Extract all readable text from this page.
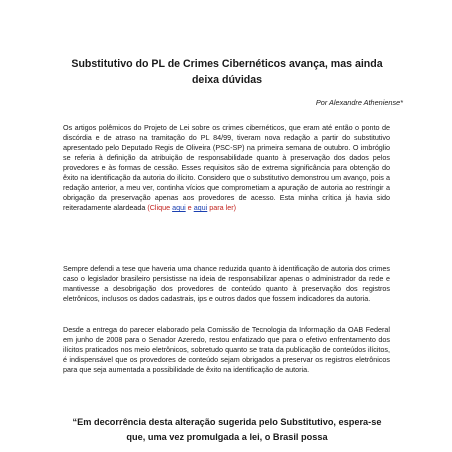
Substitutivo do PL de Crimes Cibernéticos avança, mas ainda deixa dúvidas

Por Alexandre Atheniense*

Os artigos polêmicos do Projeto de Lei sobre os crimes cibernéticos, que eram até então o ponto de discórdia e de atraso na tramitação do PL 84/99, tiveram nova redação a partir do substitutivo apresentado pelo Deputado Regis de Oliveira (PSC-SP) na primeira semana de outubro. O imbróglio se referia à definição da atribuição de responsabilidade quanto à preservação dos dados pelos provedores e às formas de cessão. Esses requisitos são de extrema significância para obtenção do êxito na identificação da autoria do ilícito. Considero que o substitutivo demonstrou um avanço, pois a redação anterior, a meu ver, continha vícios que comprometiam a apuração de autoria ao restringir a obrigação da preservação apenas aos provedores de acesso. Esta minha crítica já havia sido reiteradamente alardeada (Clique aqui e aqui para ler)

Sempre defendi a tese que haveria uma chance reduzida quanto à identificação de autoria dos crimes caso o legislador brasileiro persistisse na ideia de responsabilizar apenas o administrador da rede e mantivesse a desobrigação dos provedores de conteúdo quanto à preservação dos registros eletrônicos, inclusos os dados cadastrais, ips e outros dados que fossem indicadores da autoria.

Desde a entrega do parecer elaborado pela Comissão de Tecnologia da Informação da OAB Federal em junho de 2008 para o Senador Azeredo, restou enfatizado que para o efetivo enfrentamento dos ilícitos praticados nos meio eletrônicos, sobretudo quanto se trata da publicação de conteúdos ilícitos, é indispensável que os provedores de conteúdo sejam obrigados a preservar os registros eletrônicos para que seja aumentada a possibilidade de êxito na identificação de autoria.

“Em decorrência desta alteração sugerida pelo Substitutivo, espera-se que, uma vez promulgada a lei, o Brasil possa
